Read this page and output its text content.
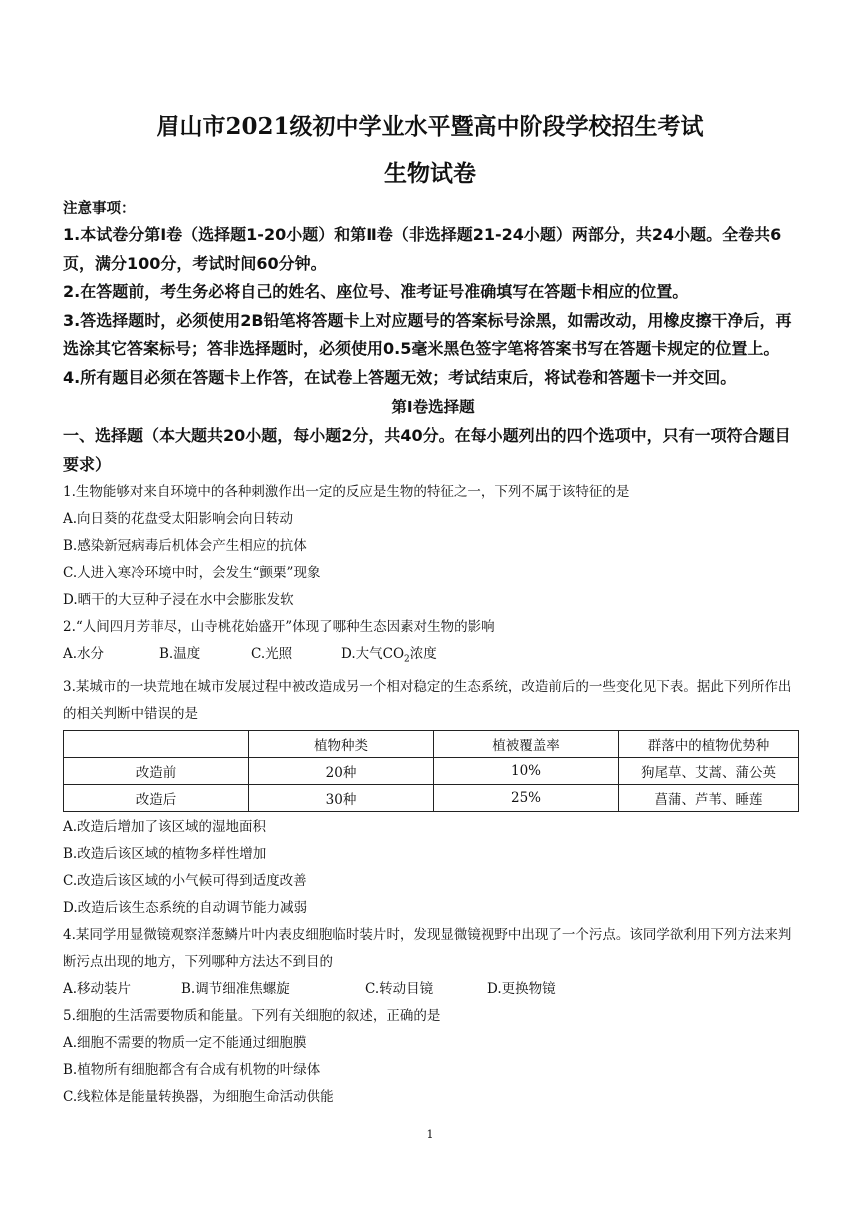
眉山市2021级初中学业水平暨高中阶段学校招生考试
生物试卷

注意事项：

1.本试卷分第Ⅰ卷（选择题1-20小题）和第Ⅱ卷（非选择题21-24小题）两部分，共24小题。全卷共6页，满分100分，考试时间60分钟。

2.在答题前，考生务必将自己的姓名、座位号、准考证号准确填写在答题卡相应的位置。

3.答选择题时，必须使用2B铅笔将答题卡上对应题号的答案标号涂黑，如需改动，用橡皮擦干净后，再选涂其它答案标号；答非选择题时，必须使用0.5毫米黑色签字笔将答案书写在答题卡规定的位置上。

4.所有题目必须在答题卡上作答，在试卷上答题无效；考试结束后，将试卷和答题卡一并交回。

第Ⅰ卷选择题

一、选择题（本大题共20小题，每小题2分，共40分。在每小题列出的四个选项中，只有一项符合题目要求）

1.生物能够对来自环境中的各种刺激作出一定的反应是生物的特征之一，下列不属于该特征的是

A.向日葵的花盘受太阳影响会向日转动

B.感染新冠病毒后机体会产生相应的抗体

C.人进入寒冷环境中时，会发生“颤栗”现象

D.晒干的大豆种子浸在水中会膨胀发软

2.“人间四月芳菲尽，山寺桃花始盛开”体现了哪种生态因素对生物的影响

A.水分	B.温度	C.光照	D.大气$CO_2$浓度

3.某城市的一块荒地在城市发展过程中被改造成另一个相对稳定的生态系统，改造前后的一些变化见下表。据此下列所作出的相关判断中错误的是

	植物种类	植被覆盖率	群落中的植物优势种
改造前	20种	10%	狗尾草、艾蒿、蒲公英
改造后	30种	25%	菖蒲、芦苇、睡莲

A.改造后增加了该区域的湿地面积

B.改造后该区域的植物多样性增加

C.改造后该区域的小气候可得到适度改善

D.改造后该生态系统的自动调节能力减弱

4.某同学用显微镜观察洋葱鳞片叶内表皮细胞临时装片时，发现显微镜视野中出现了一个污点。该同学欲利用下列方法来判断污点出现的地方，下列哪种方法达不到目的

A.移动装片	B.调节细准焦螺旋	C.转动目镜	D.更换物镜

5.细胞的生活需要物质和能量。下列有关细胞的叙述，正确的是

A.细胞不需要的物质一定不能通过细胞膜

B.植物所有细胞都含有合成有机物的叶绿体

C.线粒体是能量转换器，为细胞生命活动供能

1
